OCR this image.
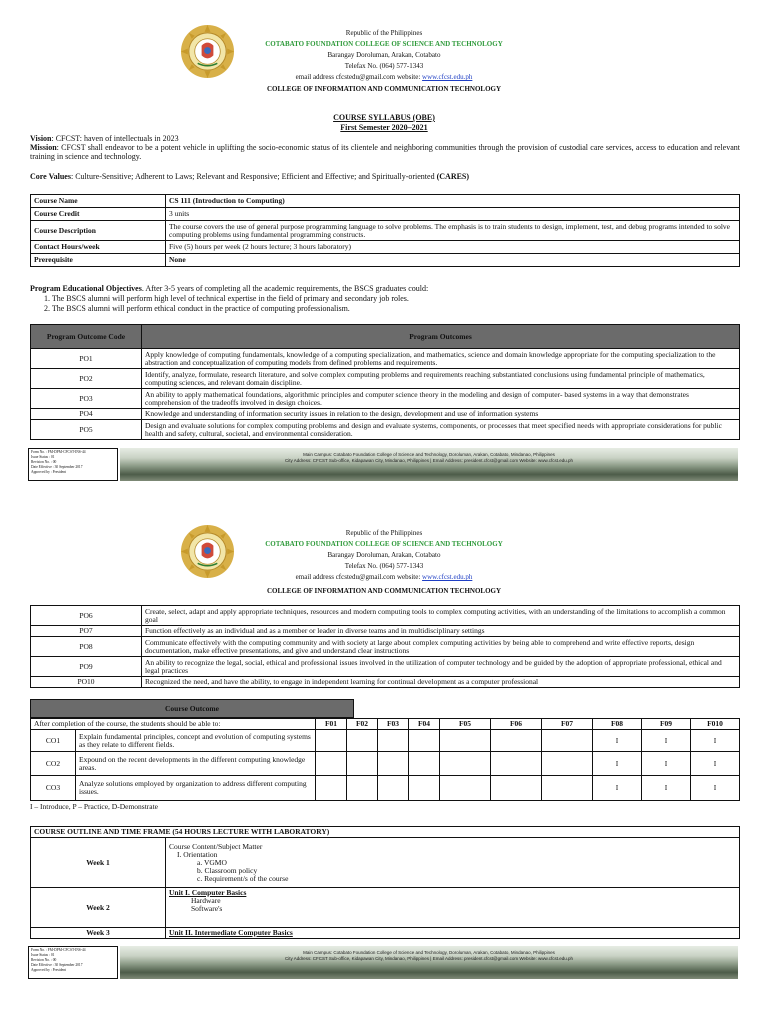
Republic of the Philippines
COTABATO FOUNDATION COLLEGE OF SCIENCE AND TECHNOLOGY
Barangay Doroluman, Arakan, Cotabato
Telefax No. (064) 577-1343
email address cfcstedu@gmail.com website: www.cfcst.edu.ph
COLLEGE OF INFORMATION AND COMMUNICATION TECHNOLOGY
COURSE SYLLABUS (OBE)
First Semester 2020–2021
Vision: CFCST: haven of intellectuals in 2023
Mission: CFCST shall endeavor to be a potent vehicle in uplifting the socio-economic status of its clientele and neighboring communities through the provision of custodial care services, access to education and relevant training in science and technology.
Core Values: Culture-Sensitive; Adherent to Laws; Relevant and Responsive; Efficient and Effective; and Spiritually-oriented (CARES)
Course Name	CS 111 (Introduction to Computing)
Course Credit	3 units
Course Description	The course covers the use of general purpose programming language to solve problems. The emphasis is to train students to design, implement, test, and debug programs intended to solve computing problems using fundamental programming constructs.
Contact Hours/week	Five (5) hours per week (2 hours lecture; 3 hours laboratory)
Prerequisite	None
Program Educational Objectives. After 3-5 years of completing all the academic requirements, the BSCS graduates could:
1. The BSCS alumni will perform high level of technical expertise in the field of primary and secondary job roles.
2. The BSCS alumni will perform ethical conduct in the practice of computing professionalism.
Program Outcome Code	Program Outcomes
PO1	Apply knowledge of computing fundamentals, knowledge of a computing specialization, and mathematics, science and domain knowledge appropriate for the computing specialization to the abstraction and conceptualization of computing models from defined problems and requirements.
PO2	Identify, analyze, formulate, research literature, and solve complex computing problems and requirements reaching substantiated conclusions using fundamental principle of mathematics, computing sciences, and relevant domain discipline.
PO3	An ability to apply mathematical foundations, algorithmic principles and computer science theory in the modeling and design of computer- based systems in a way that demonstrates comprehension of the tradeoffs involved in design choices.
PO4	Knowledge and understanding of information security issues in relation to the design, development and use of information systems
PO5	Design and evaluate solutions for complex computing problems and design and evaluate systems, components, or processes that meet specified needs with appropriate considerations for public health and safety, cultural, societal, and environmental consideration.
Form No. : FM-DPM-CFCST-INS-44
Issue Status : 01
Revision No. : 00
Date Effective : 30 September 2017
Approved by : President
Main Campus: Cotabato Foundation College of Science and Technology, Doroluman, Arakan, Cotabato, Mindanao, Philippines
City Address: CFCST Sub-office, Kidapawan City, Mindanao, Philippines | Email Address: president.cfcst@gmail.com Website: www.cfcst.edu.ph
Republic of the Philippines
COTABATO FOUNDATION COLLEGE OF SCIENCE AND TECHNOLOGY
Barangay Doroluman, Arakan, Cotabato
Telefax No. (064) 577-1343
email address cfcstedu@gmail.com website: www.cfcst.edu.ph
COLLEGE OF INFORMATION AND COMMUNICATION TECHNOLOGY
PO6	Create, select, adapt and apply appropriate techniques, resources and modern computing tools to complex computing activities, with an understanding of the limitations to accomplish a common goal
PO7	Function effectively as an individual and as a member or leader in diverse teams and in multidisciplinary settings
PO8	Communicate effectively with the computing community and with society at large about complex computing activities by being able to comprehend and write effective reports, design documentation, make effective presentations, and give and understand clear instructions
PO9	An ability to recognize the legal, social, ethical and professional issues involved in the utilization of computer technology and be guided by the adoption of appropriate professional, ethical and legal practices
PO10	Recognized the need, and have the ability, to engage in independent learning for continual development as a computer professional
Course Outcome
After completion of the course, the students should be able to:		F01	F02	F03	F04	F05	F06	F07	F08	F09	F010
CO1	Explain fundamental principles, concept and evolution of computing systems as they relate to different fields.								I	I	I
CO2	Expound on the recent developments in the different computing knowledge areas.								I	I	I
CO3	Analyze solutions employed by organization to address different computing issues.								I	I	I
I – Introduce, P – Practice, D-Demonstrate
COURSE OUTLINE AND TIME FRAME (54 HOURS LECTURE WITH LABORATORY)	
Week 1	Course Content/Subject Matter
I. Orientation
a. VGMO
b. Classroom policy
c. Requirement/s of the course

Week 2	Unit I. Computer Basics
Hardware
Software's

Week 3	Unit II. Intermediate Computer Basics
Form No. : FM-DPM-CFCST-INS-44
Issue Status : 01
Revision No. : 00
Date Effective : 30 September 2017
Approved by : President
Main Campus: Cotabato Foundation College of Science and Technology, Doroluman, Arakan, Cotabato, Mindanao, Philippines
City Address: CFCST Sub-office, Kidapawan City, Mindanao, Philippines | Email Address: president.cfcst@gmail.com Website: www.cfcst.edu.ph
